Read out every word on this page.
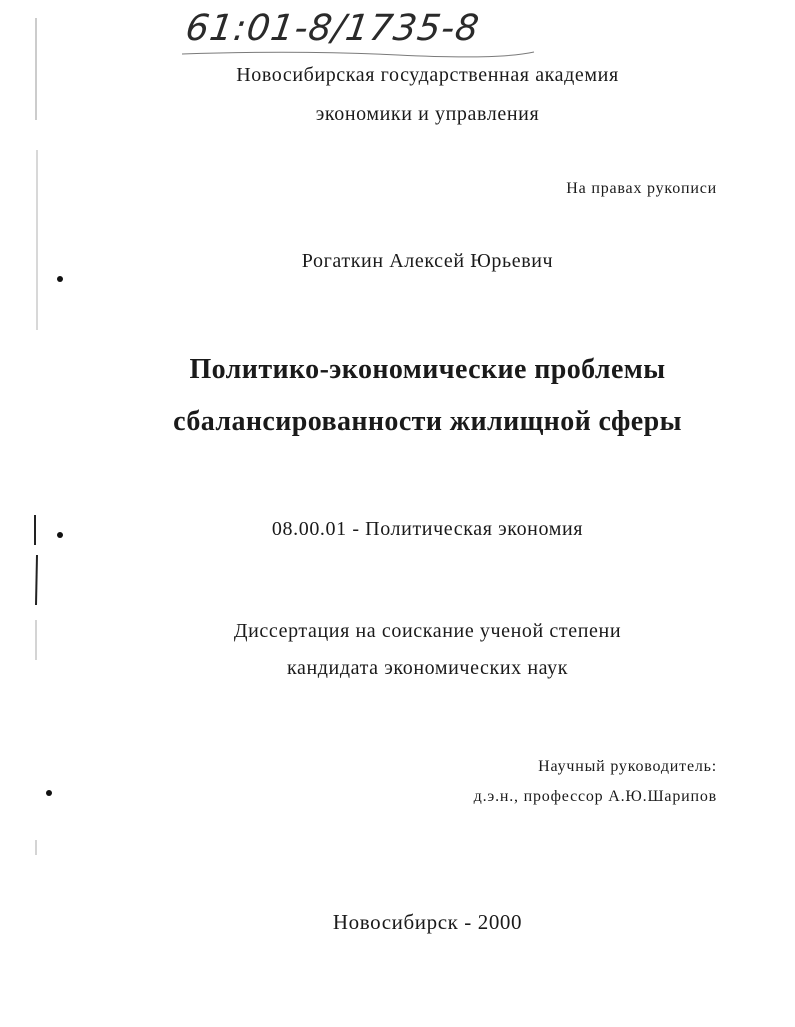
61:01-8/1735-8
Новосибирская государственная академия
экономики и управления
На правах рукописи
Рогаткин Алексей Юрьевич
Политико-экономические проблемы
сбалансированности жилищной сферы
08.00.01 - Политическая экономия
Диссертация на соискание ученой степени
кандидата экономических наук
Научный руководитель:
д.э.н., профессор А.Ю.Шарипов
Новосибирск - 2000
